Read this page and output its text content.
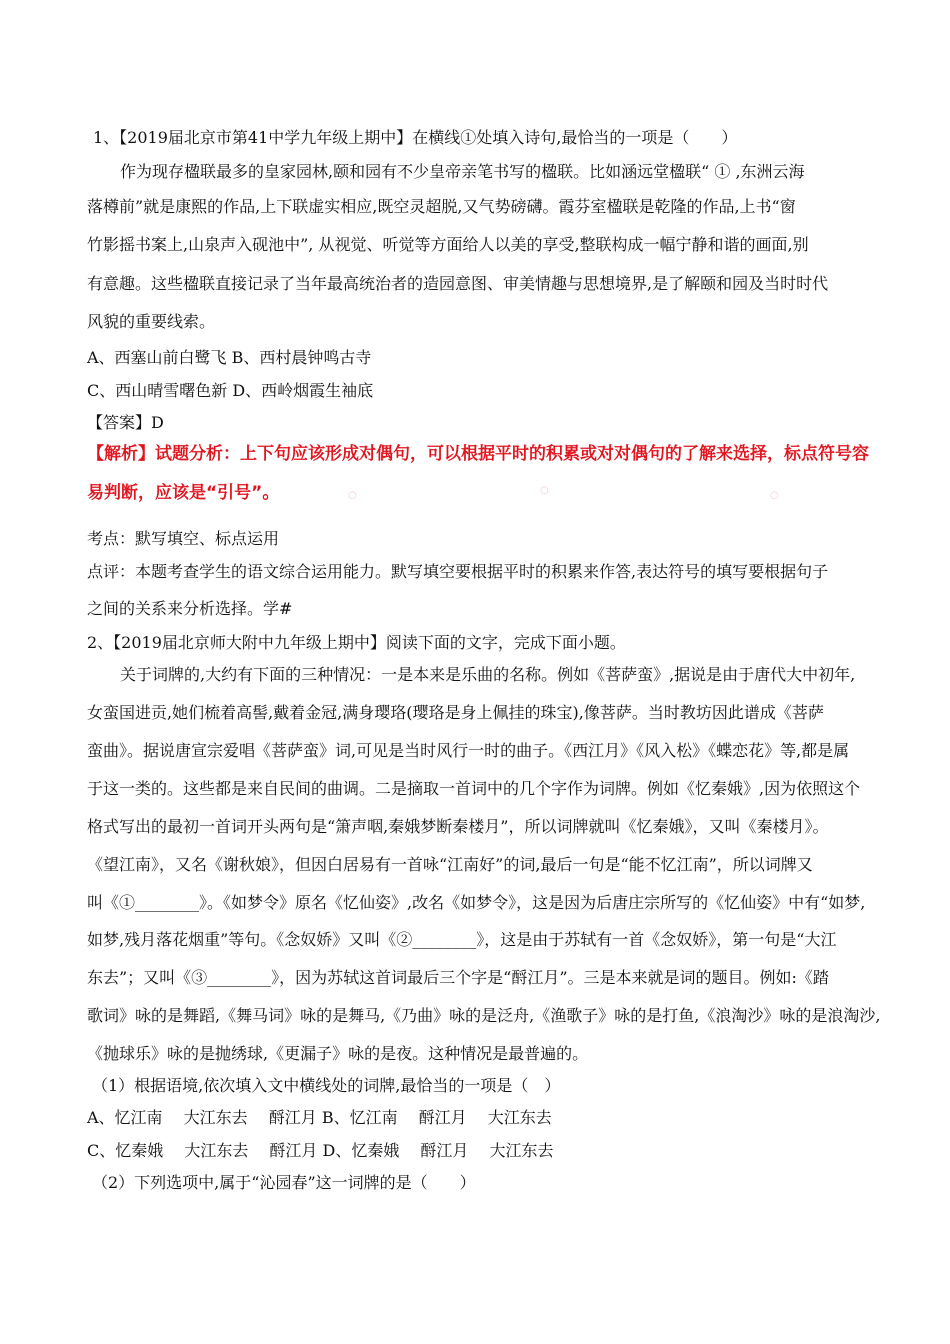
1、【2019届北京市第41中学九年级上期中】在横线①处填入诗句,最恰当的一项是（　　）
作为现存楹联最多的皇家园林,颐和园有不少皇帝亲笔书写的楹联。比如涵远堂楹联“ ① ,东洲云海
落樽前”就是康熙的作品,上下联虚实相应,既空灵超脱,又气势磅礴。霞芬室楹联是乾隆的作品,上书“窗
竹影摇书案上,山泉声入砚池中”, 从视觉、听觉等方面给人以美的享受,整联构成一幅宁静和谐的画面,别
有意趣。这些楹联直接记录了当年最高统治者的造园意图、审美情趣与思想境界,是了解颐和园及当时时代
风貌的重要线索。
A、西塞山前白鹭飞 B、西村晨钟鸣古寺
C、西山晴雪曙色新 D、西岭烟霞生袖底
【答案】D
【解析】试题分析：上下句应该形成对偶句，可以根据平时的积累或对对偶句的了解来选择，标点符号容
易判断，应该是“引号”。
考点：默写填空、标点运用
点评：本题考查学生的语文综合运用能力。默写填空要根据平时的积累来作答,表达符号的填写要根据句子
之间的关系来分析选择。学#
2、【2019届北京师大附中九年级上期中】阅读下面的文字，完成下面小题。
关于词牌的,大约有下面的三种情况：一是本来是乐曲的名称。例如《菩萨蛮》,据说是由于唐代大中初年,
女蛮国进贡,她们梳着高髻,戴着金冠,满身璎珞(璎珞是身上佩挂的珠宝),像菩萨。当时教坊因此谱成《菩萨
蛮曲》。据说唐宣宗爱唱《菩萨蛮》词,可见是当时风行一时的曲子。《西江月》《风入松》《蝶恋花》等,都是属
于这一类的。这些都是来自民间的曲调。二是摘取一首词中的几个字作为词牌。例如《忆秦娥》,因为依照这个
格式写出的最初一首词开头两句是“箫声咽,秦娥梦断秦楼月”，所以词牌就叫《忆秦娥》，又叫《秦楼月》。
《望江南》，又名《谢秋娘》，但因白居易有一首咏“江南好”的词,最后一句是“能不忆江南”，所以词牌又
叫《①________》。《如梦令》原名《忆仙姿》,改名《如梦令》，这是因为后唐庄宗所写的《忆仙姿》中有“如梦,
如梦,残月落花烟重”等句。《念奴娇》又叫《②________》，这是由于苏轼有一首《念奴娇》，第一句是“大江
东去”；又叫《③________》，因为苏轼这首词最后三个字是“酹江月”。三是本来就是词的题目。例如:《踏
歌词》咏的是舞蹈,《舞马词》咏的是舞马,《乃曲》咏的是泛舟,《渔歌子》咏的是打鱼,《浪淘沙》咏的是浪淘沙,
《抛球乐》咏的是抛绣球,《更漏子》咏的是夜。这种情况是最普遍的。
（1）根据语境,依次填入文中横线处的词牌,最恰当的一项是（　）
A、忆江南　 大江东去　 酹江月 B、忆江南　 酹江月　 大江东去
C、忆秦娥　 大江东去　 酹江月 D、忆秦娥　 酹江月　 大江东去
（2）下列选项中,属于“沁园春”这一词牌的是（　　）
○	○	○
